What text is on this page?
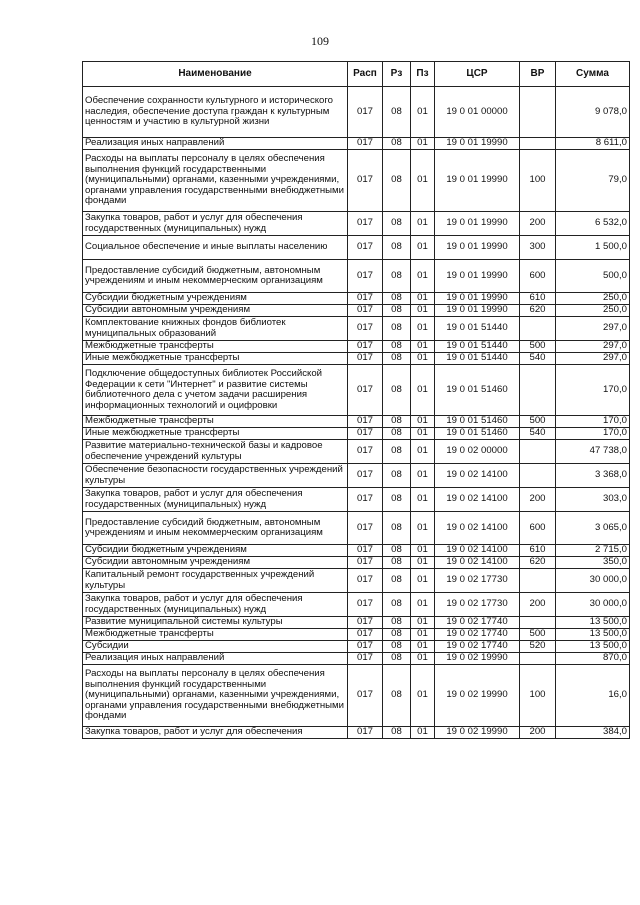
109
Наименование	Расп	Рз	Пз	ЦСР	ВР	Сумма
Обеспечение сохранности культурного и исторического наследия, обеспечение доступа граждан к культурным ценностям и участию в культурной жизни	017	08	01	19 0 01 00000		9 078,0
Реализация иных направлений	017	08	01	19 0 01 19990		8 611,0
Расходы на выплаты персоналу в целях обеспечения выполнения функций государственными (муниципальными) органами, казенными учреждениями, органами управления государственными внебюджетными фондами	017	08	01	19 0 01 19990	100	79,0
Закупка товаров, работ и услуг для обеспечения государственных (муниципальных) нужд	017	08	01	19 0 01 19990	200	6 532,0
Социальное обеспечение и иные выплаты населению	017	08	01	19 0 01 19990	300	1 500,0
Предоставление субсидий бюджетным, автономным учреждениям и иным некоммерческим организациям	017	08	01	19 0 01 19990	600	500,0
Субсидии бюджетным учреждениям	017	08	01	19 0 01 19990	610	250,0
Субсидии автономным учреждениям	017	08	01	19 0 01 19990	620	250,0
Комплектование книжных фондов библиотек муниципальных образований	017	08	01	19 0 01 51440		297,0
Межбюджетные трансферты	017	08	01	19 0 01 51440	500	297,0
Иные межбюджетные трансферты	017	08	01	19 0 01 51440	540	297,0
Подключение общедоступных библиотек Российской Федерации к сети "Интернет" и развитие системы библиотечного дела с учетом задачи расширения информационных технологий и оцифровки	017	08	01	19 0 01 51460		170,0
Межбюджетные трансферты	017	08	01	19 0 01 51460	500	170,0
Иные межбюджетные трансферты	017	08	01	19 0 01 51460	540	170,0
Развитие материально-технической базы и кадровое обеспечение учреждений культуры	017	08	01	19 0 02 00000		47 738,0
Обеспечение безопасности государственных учреждений культуры	017	08	01	19 0 02 14100		3 368,0
Закупка товаров, работ и услуг для обеспечения государственных (муниципальных) нужд	017	08	01	19 0 02 14100	200	303,0
Предоставление субсидий бюджетным, автономным учреждениям и иным некоммерческим организациям	017	08	01	19 0 02 14100	600	3 065,0
Субсидии бюджетным учреждениям	017	08	01	19 0 02 14100	610	2 715,0
Субсидии автономным учреждениям	017	08	01	19 0 02 14100	620	350,0
Капитальный ремонт государственных учреждений культуры	017	08	01	19 0 02 17730		30 000,0
Закупка товаров, работ и услуг для обеспечения государственных (муниципальных) нужд	017	08	01	19 0 02 17730	200	30 000,0
Развитие муниципальной системы культуры	017	08	01	19 0 02 17740		13 500,0
Межбюджетные трансферты	017	08	01	19 0 02 17740	500	13 500,0
Субсидии	017	08	01	19 0 02 17740	520	13 500,0
Реализация иных направлений	017	08	01	19 0 02 19990		870,0
Расходы на выплаты персоналу в целях обеспечения выполнения функций государственными (муниципальными) органами, казенными учреждениями, органами управления государственными внебюджетными фондами	017	08	01	19 0 02 19990	100	16,0
Закупка товаров, работ и услуг для обеспечения	017	08	01	19 0 02 19990	200	384,0
